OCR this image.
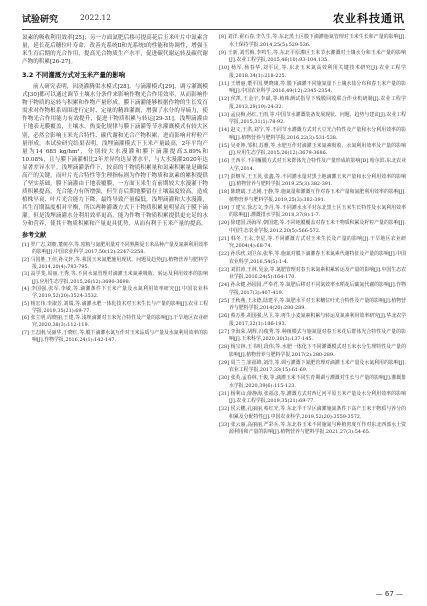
试验研究	2022.12	农业科技通讯

氮素的吸收利用效率[25]；另一方面氮肥后移可提高花后玉米叶片中氮素含量，延长花后穗位叶寿命，改善光系统Ⅱ和光系统Ⅰ的性能和协调性，增强玉米生育后期的光合作用，提高光合物质生产水平，促进碳代谢运转及碳代谢产物的积累[26-27]。

3.2 不同灌溉方式对玉米产量的影响

前人研究表明，因浇灌腾渠水模式[28]、与滴灌模式[29]、调亏灌溉模式[30]都可以通过调节土壤水分条件来影响作物光合作用效率，从而影响作物干物质的运转与积累和作物产量形成。膜下滴灌能够根据作物的生长发育需求对作物根系周围进行定时、定量的精准灌溉，增强了水分的导墒力，使作物光合作用能力有效提升，促进干物质积累与转运[29-31]。浅埋滴灌由于地表无膜覆盖，土壤水、热变化规律与膜下滴灌等节水灌溉模式有较大区别，必然会影响玉米光合特性、碳代谢和光合产物积累，进而影响对籽粒产量形成。本试验研究结果表明，浅埋滴灌模式下玉米产量最高，2年平均产量为14 685 kg/hm²，分别较大水漫灌和膜下滴灌提高3.89%和10.08%，且与膜下滴灌相比2年差异均达显著水平，与大水漫灌2020年达显著差异水平。浅埋滴灌条件下，较高的干物质积累量和氮素积累量是确保高产的关键，而叶片光合特性等生理指标则为作物干物质和氮素的累积提供了坚实基础。膜下滴灌由于地表覆膜，一方面玉米生育前期较大水漫灌干物质积累提高，光合能力有所增强，但生育后期地膜留存土壤温度较高，造成植株早衰、叶片光合能力下降，最终导致产量偏低。浅埋滴灌和大水漫灌，其生育期温度相对平衡，所以两种灌溉方式下干物质积累量明显高于膜下滴灌。但是浅埋滴灌水分利用效率更高，能为作物干物质积累提供更充足的水分和营养，使其干物质积累和产量更具优势，从而有利于玉米产量的提高。

参考文献
[1] 罗广志,刘朝,董树亭,等.密植与氮肥用量对不同熟期夏玉米品种产量及氮素利用效率的影响[J].中国农业科学,2017,50(12):2247-2258.
[2] 马国胜,王佳,孙文轩,等.我国玉米氮肥施用现状、问题及趋势[J].植物营养与肥料学报,2014,20(4):783-795.
[3] 高学斐,周丽,王秀,等.不同水氮管理对滴灌玉米氮素吸收、转运及利用效率的影响[J].应用生态学报,2015,26(12):3690-3698.
[4] 李国强,张军,李敏,等.滴灌条件下玉米产量及水氮利用效率研究[J].中国农业科学,2019,52(20):3524-3532.
[5] 杨宏伟,李淑芳,刘瑞,等.滴灌水肥一体化技术对玉米生长与产量的影响[J].农业工程学报,2019,35(21):69-77.
[6] 张立明,周晓丽,王建,等.浅埋滴灌对玉米光合特性及产量的影响[J].干旱地区农业研究,2020,38(3):112-119.
[7] 王志刚,吴丽华,于晓红,等.膜下滴灌水氮互作对玉米品质与产量及水氮利用效率的影响[J].作物学报,2016,24(1):142-147.
[8] 刘洋,翟石春,李久生,等.东北黑土区膜下滴灌施氮管理对玉米生长和产量的影响[J].水土保持学报,2014,25(5):529-536.
[9] 王新,刘雪梅,李鸣生,等.东北平原灌区玉米节水灌溉对土壤水分和玉米产量的影响[J].农业工程学报,2015,46(10):93-104,135.
[10] 杨军,杨春华,刘平民,等.东北玉米氮高效利用关键技术研究[J].农业工程学报,2018,34(1):218-225.
[11] 王增丽,董平国,樊晓康,等.膜下滴灌不同施氮量下土壤水盐分布和春玉米产量的影响[J].中国农业科学,2016,49(12):2345-2354.
[12] 侯凯,王金宇,李斌,等.植株测试指导下残膜回收联合作业机研制[J].农业工程学报,2013,29(19):24-32.
[13] 孟良梅,孙红,王雨,等.中国节水灌溉装备发展现状、问题、趋势与建议[J].农业工程学报,2015,31(1):78-92.
[14] 赵文,王洪,刘宁,等.不同节水灌溉方式对大豆光合特性及产量和水分利用效率的影响[J].植物营养与肥料学报,2016,22(3):531-538.
[15] 吴亚坤,邹积,苏雅,等.水肥互作对滴灌玉米氮素吸收、水氮利用效率及产量的影响[J].应用生态学报,2015,26(12):3679-3686.
[16] 王西平.不同覆膜方式对玉米群体光合特性及产量形成的影响[D].哈尔滨:东北农业大学,2014.
[17] 彭继军,王玉英,张鑫,等.不同灌水量对黑土地滴灌玉米产量和水分利用效率的影响[J].植物营养与肥料学报,2019,25(3):382-391.
[18] 陈晓斌,王志刚,于静,等.施氮量和灌溉互作对春玉米产量和氮肥利用效率的影响[J].植物营养与肥料学报,2019,25(3):382-391.
[19] 丁建宝,徐志文,李丹,等.不同灌水水平对东北黑土区玉米生长特性及水氮利用效率的影响[J].灌溉排水学报,2018,37(8):1-7.
[20] 徐建国,汤海军,朝国建,等.不同地膜覆盖对春玉米干物质积累及籽粒产量的影响[J].中国生态农业学报,2012,20(5):566-572.
[21] 韩冬,王永,李星,等.不同灌溉方式对玉米生长及产量的影响[J].干旱地区农业研究,2004(4):68-74.
[22] 孙乐欣,刘卫东,张华,等.施氮对膜下滴灌春玉米氮素代谢特征及产量的影响[J].中国农业科学,2016,54(5):1-4.
[23] 刘洪涛,王林,吴金,等.氮肥管理对春玉米氮素积累转运及产量的影响[J].中国生态农业学报,2016,24(5):164-170.
[24] 孙永健,孙园园,严奉君,等.氮肥后移对不同氮效率水稻花后碳氮代谢的影响[J].作物学报,2017(3):407-419.
[25] 王秋燕,王永德,陆建平,等.氮肥水平对玉米穗位叶光合特性及产量的影响[J].植物营养与肥料学报,2014(20):280-289.
[26] 蔡万胜,胡国强,丛卫,等.再生小麦氮素积累与转运及氮素利用效率研究[J].华北农学报,2017,32(1):186-193.
[27] 李海荣,胡辉,冯俊秀,等.种植模式与施氮量对春玉米花后群体光合特性及产量的影响[J].玉米科学,2020,30(3):137-145.
[28] 杨宝林,王书明,段伟,等.水肥一体化下不同灌溉模式对玉米水分生理特性及产量的影响[J].植物营养与肥料学报,2017(2):280-289.
[29] 周兰兰,崔福锦,刘洋,等.调亏灌溉下氮肥管理对滴灌玉米产量及水氮利用的影响[J].农业工程学报,2017,33(15):61-69.
[30] 张英,孟春林,王俊,等.滴灌玉米不同生育期调亏灌溉对生长与产量的影响[J].灌溉排水学报,2020,39(6):115-123.
[31] 杨利山,薛静海,张福彦,等.灌溉方式对西辽河平原玉米产量及水分利用效率的影响[J].农业工程学报,2019,35(21):69-77.
[32] 侯云鹏,孔丽丽,蔡红光,等.东北半干旱区滴灌施氮条件下高产玉米干物质与养分的积累及分配特性[J].中国农业科学,2019,52(20):3559-3572.
[33] 张云丽,高丽丽,严彩兵,等.东北春玉米不同施氮与种植密度互作对东北西部水土资源利用和产量的影响[J].植物营养与肥料学报,2021,27(3):54-65.
— 67 —
